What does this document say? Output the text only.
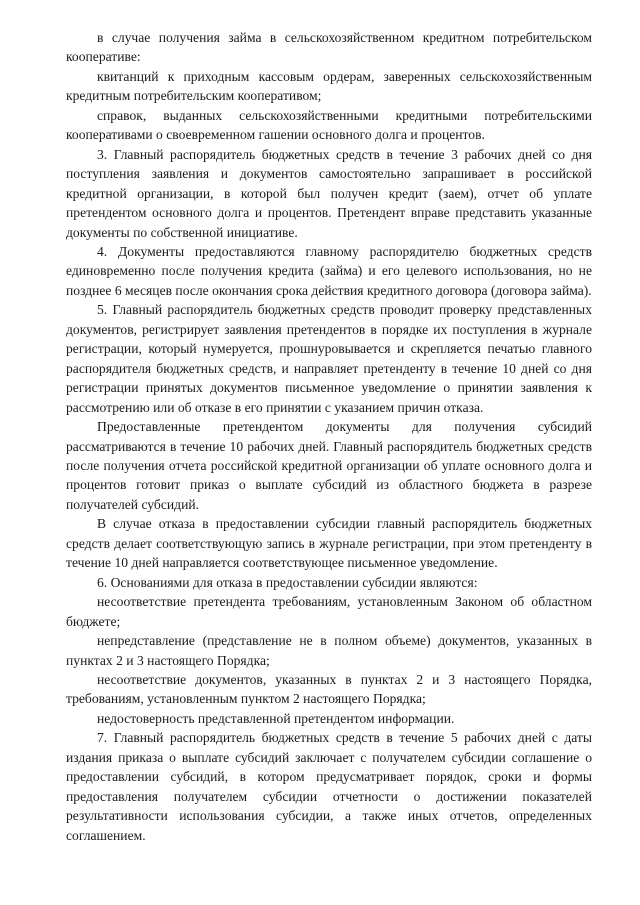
в случае получения займа в сельскохозяйственном кредитном потребительском кооперативе:

квитанций к приходным кассовым ордерам, заверенных сельскохозяйственным кредитным потребительским кооперативом;

справок, выданных сельскохозяйственными кредитными потребительскими кооперативами о своевременном гашении основного долга и процентов.

3. Главный распорядитель бюджетных средств в течение 3 рабочих дней со дня поступления заявления и документов самостоятельно запрашивает в российской кредитной организации, в которой был получен кредит (заем), отчет об уплате претендентом основного долга и процентов. Претендент вправе представить указанные документы по собственной инициативе.

4. Документы предоставляются главному распорядителю бюджетных средств единовременно после получения кредита (займа) и его целевого использования, но не позднее 6 месяцев после окончания срока действия кредитного договора (договора займа).

5. Главный распорядитель бюджетных средств проводит проверку представленных документов, регистрирует заявления претендентов в порядке их поступления в журнале регистрации, который нумеруется, прошнуровывается и скрепляется печатью главного распорядителя бюджетных средств, и направляет претенденту в течение 10 дней со дня регистрации принятых документов письменное уведомление о принятии заявления к рассмотрению или об отказе в его принятии с указанием причин отказа.

Предоставленные претендентом документы для получения субсидий рассматриваются в течение 10 рабочих дней. Главный распорядитель бюджетных средств после получения отчета российской кредитной организации об уплате основного долга и процентов готовит приказ о выплате субсидий из областного бюджета в разрезе получателей субсидий.

В случае отказа в предоставлении субсидии главный распорядитель бюджетных средств делает соответствующую запись в журнале регистрации, при этом претенденту в течение 10 дней направляется соответствующее письменное уведомление.

6. Основаниями для отказа в предоставлении субсидии являются:

несоответствие претендента требованиям, установленным Законом об областном бюджете;

непредставление (представление не в полном объеме) документов, указанных в пунктах 2 и 3 настоящего Порядка;

несоответствие документов, указанных в пунктах 2 и 3 настоящего Порядка, требованиям, установленным пунктом 2 настоящего Порядка;

недостоверность представленной претендентом информации.

7. Главный распорядитель бюджетных средств в течение 5 рабочих дней с даты издания приказа о выплате субсидий заключает с получателем субсидии соглашение о предоставлении субсидий, в котором предусматривает порядок, сроки и формы предоставления получателем субсидии отчетности о достижении показателей результативности использования субсидии, а также иных отчетов, определенных соглашением.
